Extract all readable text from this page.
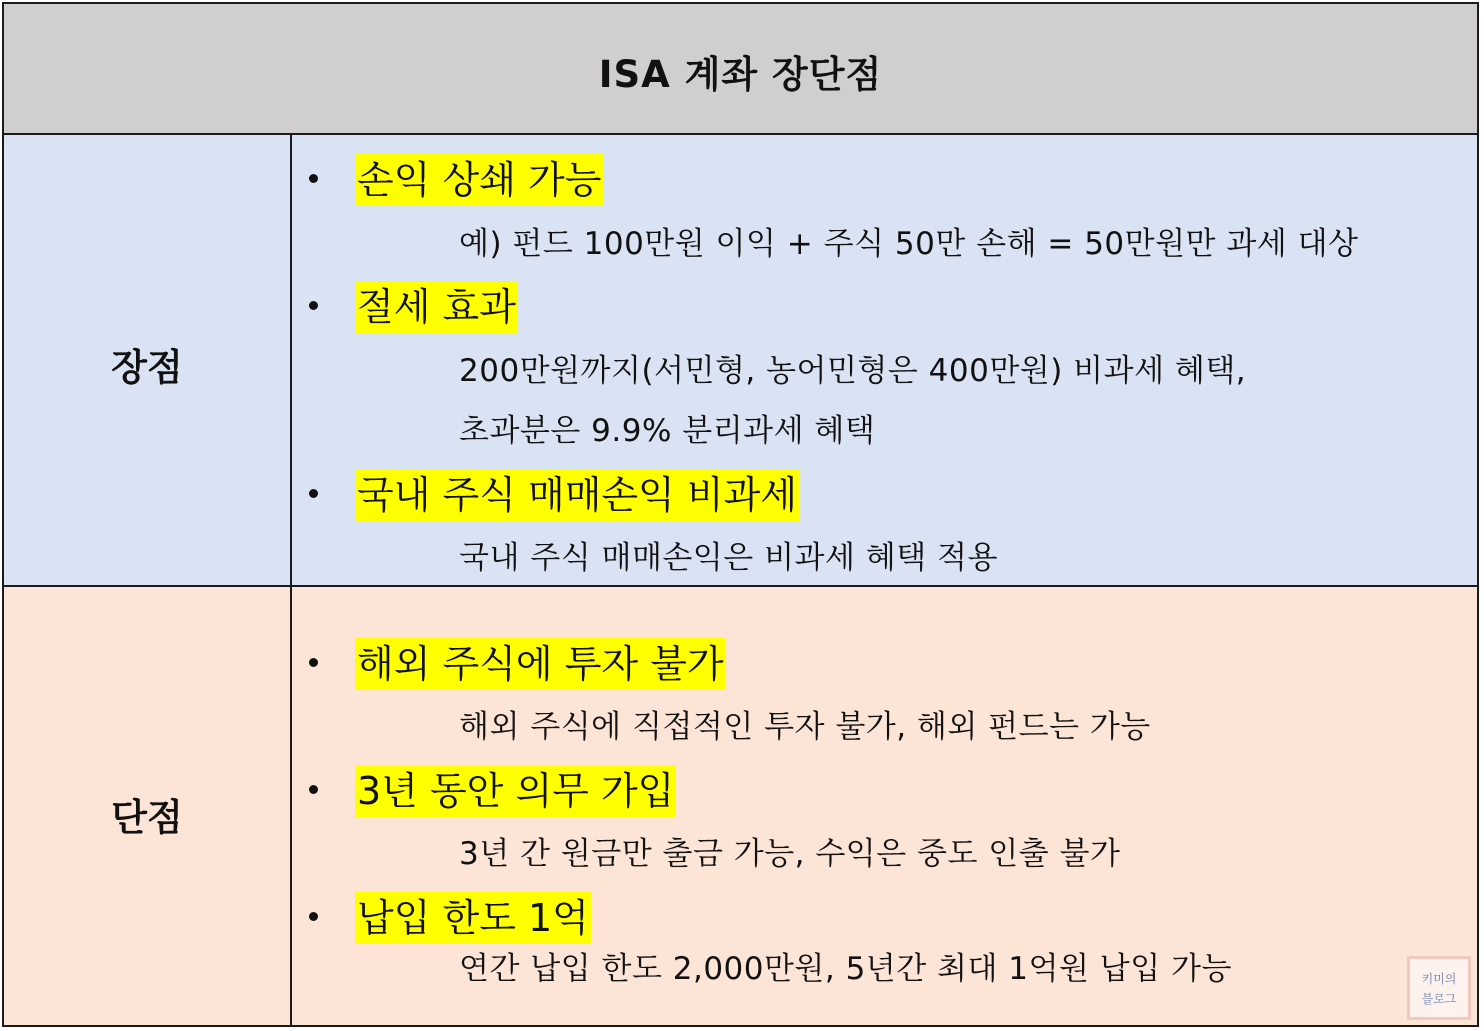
ISA 계좌 장단점
장점
손익 상쇄 가능
예) 펀드 100만원 이익 + 주식 50만 손해 = 50만원만 과세 대상
절세 효과
200만원까지(서민형, 농어민형은 400만원) 비과세 혜택,
초과분은 9.9% 분리과세 혜택
국내 주식 매매손익 비과세
국내 주식 매매손익은 비과세 혜택 적용
단점
해외 주식에 투자 불가
해외 주식에 직접적인 투자 불가, 해외 펀드는 가능
3년 동안 의무 가입
3년 간 원금만 출금 가능, 수익은 중도 인출 불가
납입 한도 1억
연간 납입 한도 2,000만원, 5년간 최대 1억원 납입 가능	키미의
블로그
